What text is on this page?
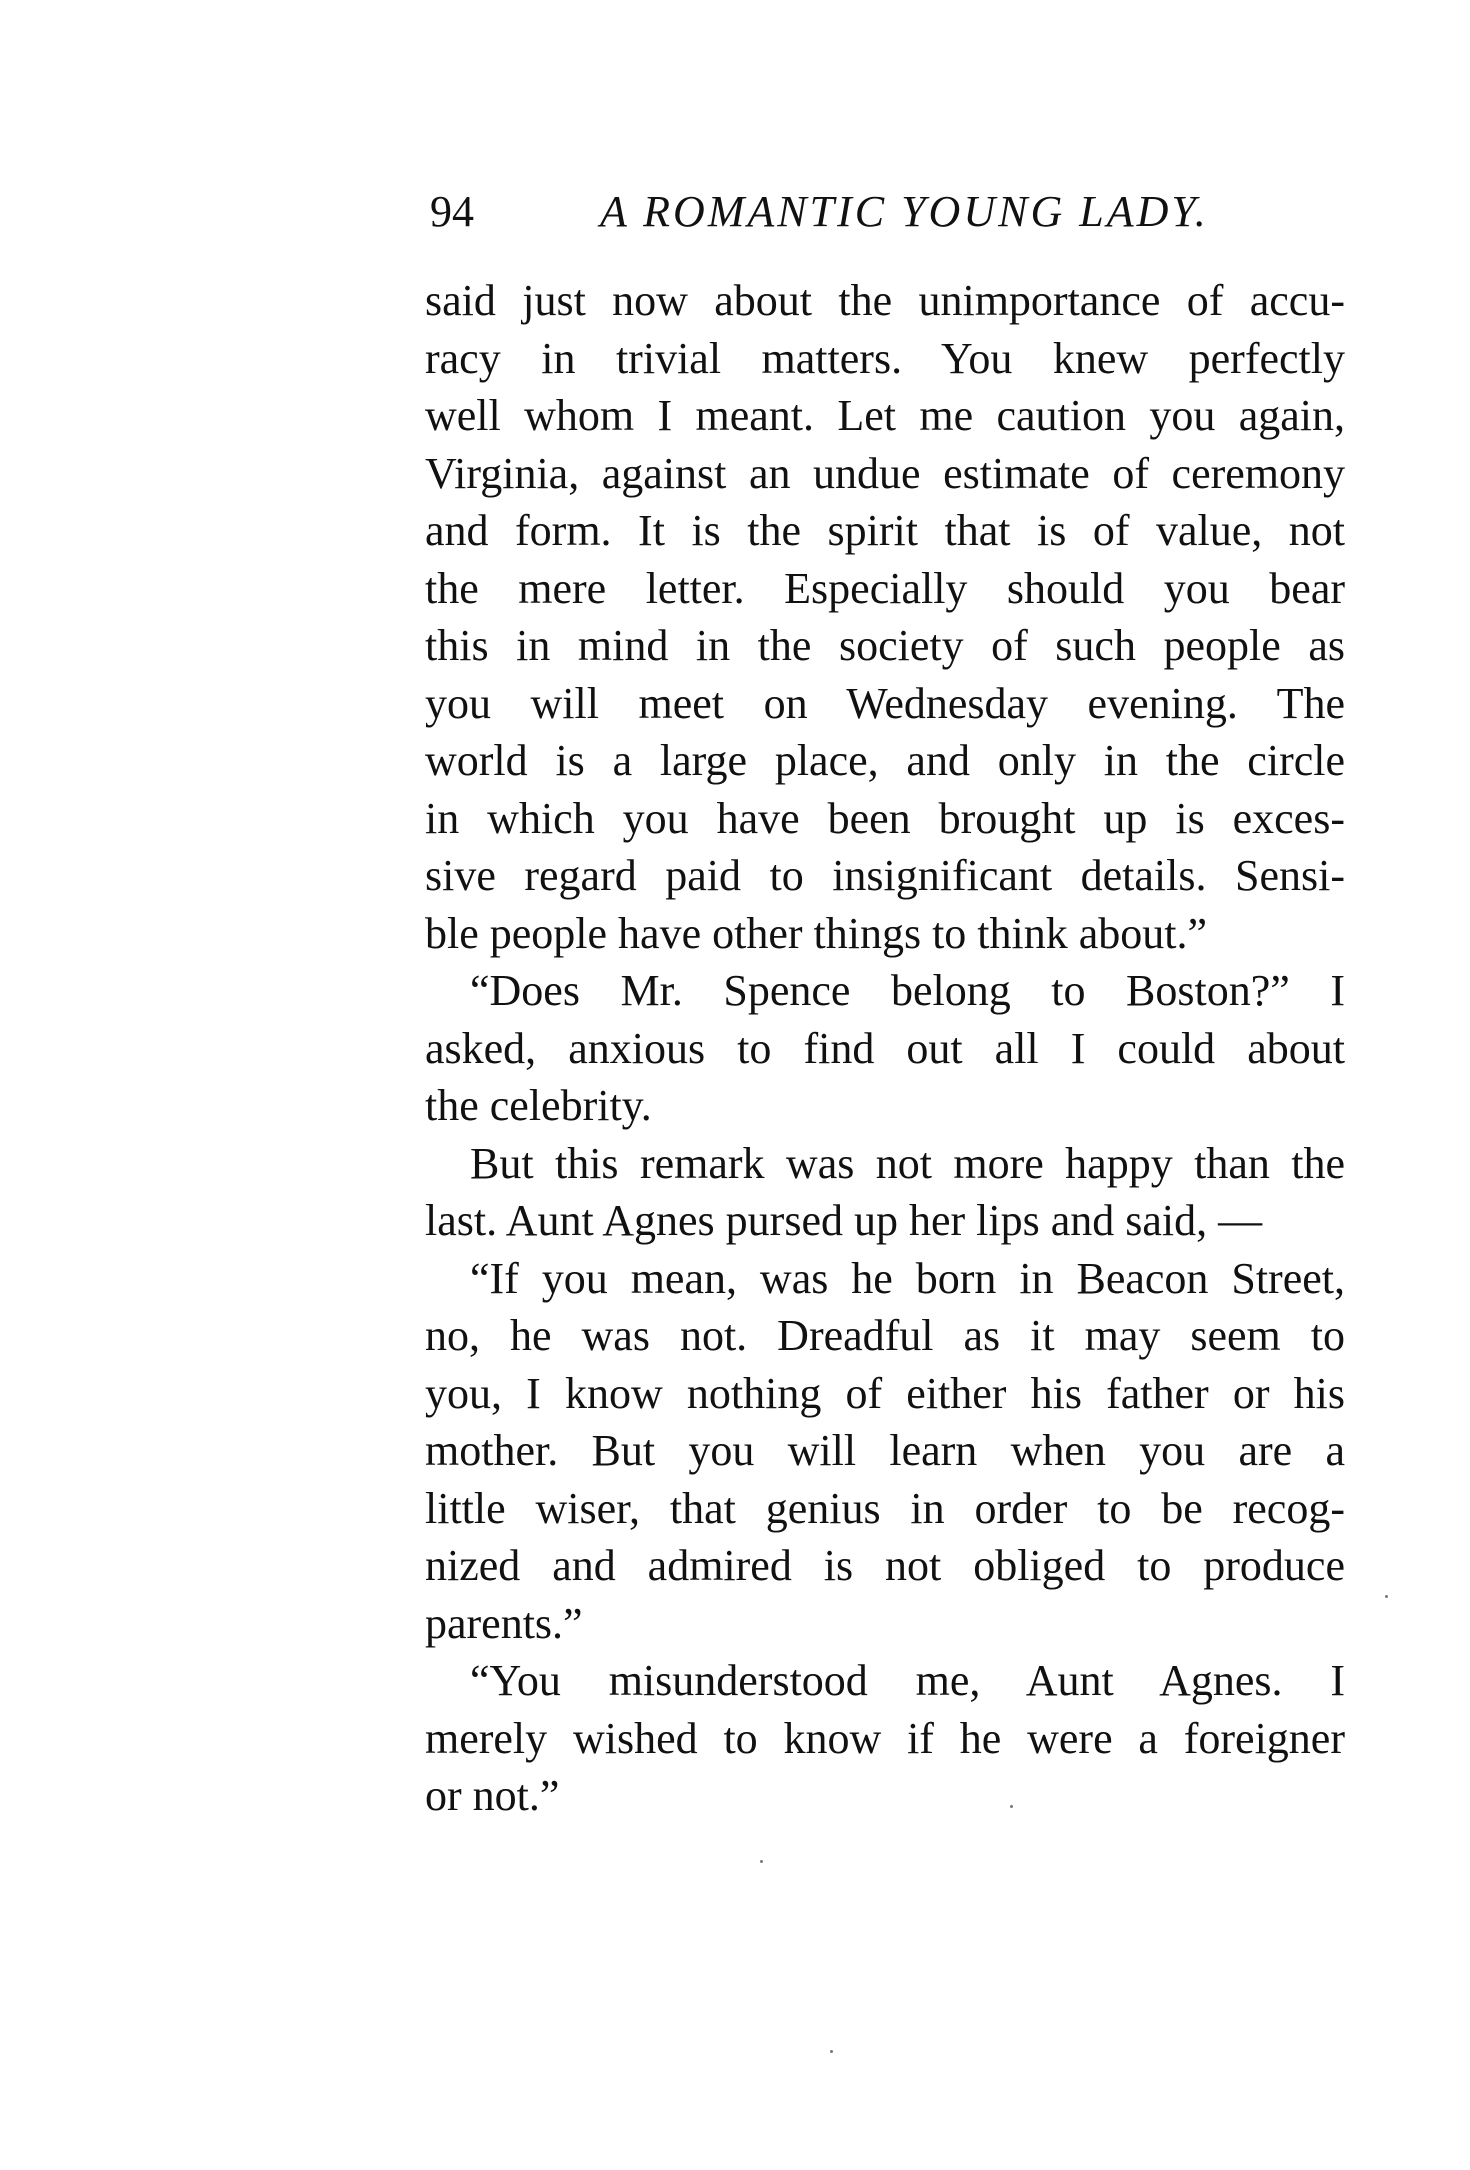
94	A ROMANTIC YOUNG LADY.
said just now about the unimportance of accu-
racy in trivial matters. You knew perfectly
well whom I meant. Let me caution you again,
Virginia, against an undue estimate of ceremony
and form. It is the spirit that is of value, not
the mere letter. Especially should you bear
this in mind in the society of such people as
you will meet on Wednesday evening. The
world is a large place, and only in the circle
in which you have been brought up is exces-
sive regard paid to insignificant details. Sensi-
ble people have other things to think about.”
“Does Mr. Spence belong to Boston?” I
asked, anxious to find out all I could about
the celebrity.
But this remark was not more happy than the
last. Aunt Agnes pursed up her lips and said, —
“If you mean, was he born in Beacon Street,
no, he was not. Dreadful as it may seem to
you, I know nothing of either his father or his
mother. But you will learn when you are a
little wiser, that genius in order to be recog-
nized and admired is not obliged to produce
parents.”
“You misunderstood me, Aunt Agnes. I
merely wished to know if he were a foreigner
or not.”
